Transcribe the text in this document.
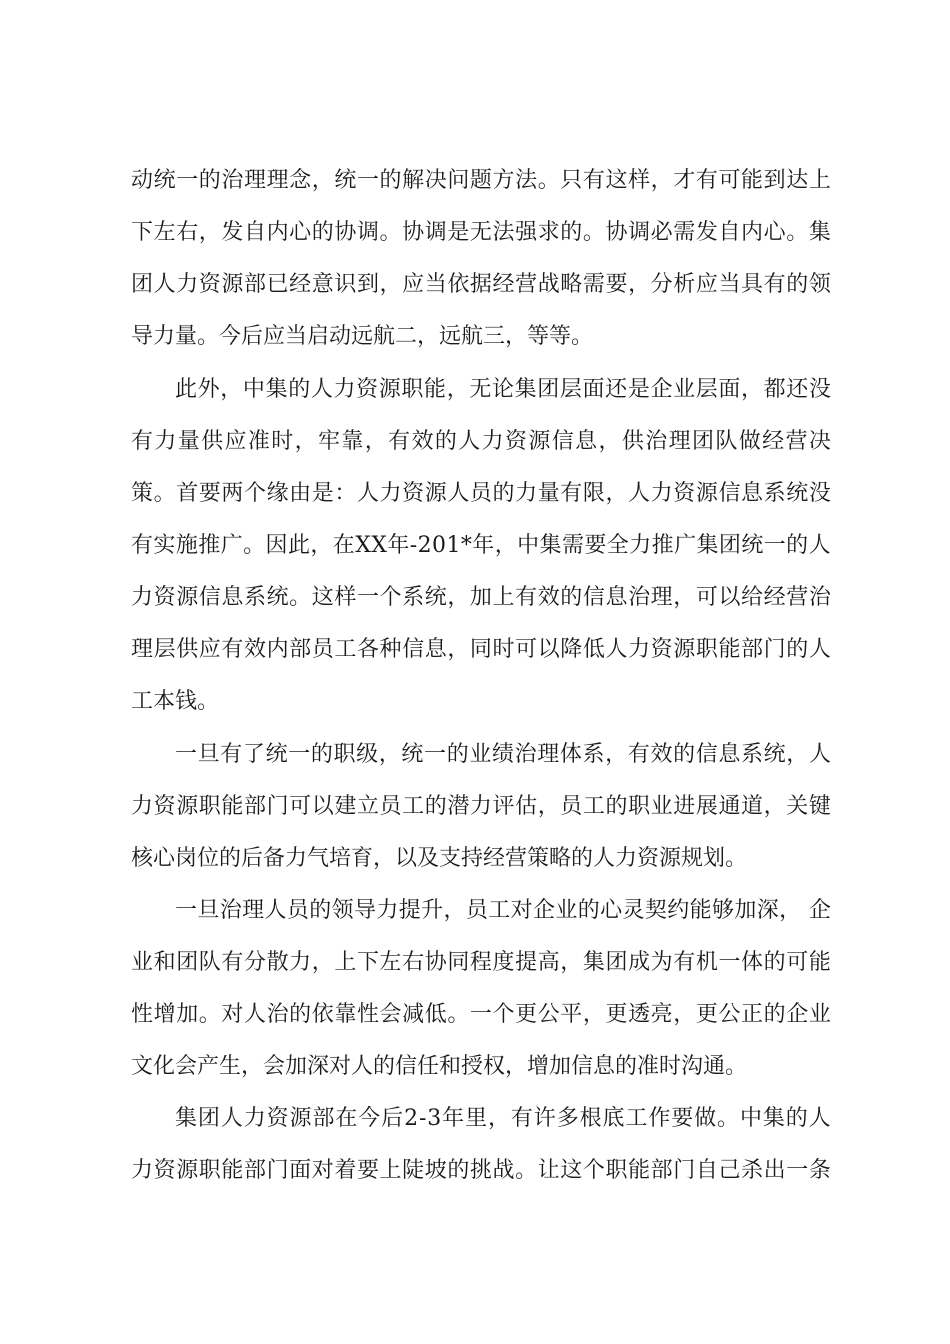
动 统 一 的 治 理 理 念 ， 统 一 的 解 决 问 题 方 法 。 只 有 这 样 ， 才 有 可 能 到 达 上
下 左 右 ， 发 自 内 心 的 协 调 。 协 调 是 无 法 强 求 的 。 协 调 必 需 发 自 内 心 。 集
团 人 力 资 源 部 已 经 意 识 到 ， 应 当 依 据 经 营 战 略 需 要 ， 分 析 应 当 具 有 的 领
导力量。今后应当启动远航二，远航三，等等。
此 外 ， 中 集 的 人 力 资 源 职 能 ， 无 论 集 团 层 面 还 是 企 业 层 面 ， 都 还 没
有 力 量 供 应 准 时 ， 牢 靠 ， 有 效 的 人 力 资 源 信 息 ， 供 治 理 团 队 做 经 营 决
策 。 首 要 两 个 缘 由 是 ： 人 力 资 源 人 员 的 力 量 有 限 ， 人 力 资 源 信 息 系 统 没
有 实 施 推 广 。 因 此 ， 在 X X 年 - 2 0 1 * 年 ， 中 集 需 要 全 力 推 广 集 团 统 一 的 人
力 资 源 信 息 系 统 。 这 样 一 个 系 统 ， 加 上 有 效 的 信 息 治 理 ， 可 以 给 经 营 治
理 层 供 应 有 效 内 部 员 工 各 种 信 息 ， 同 时 可 以 降 低 人 力 资 源 职 能 部 门 的 人
工本钱。
一 旦 有 了 统 一 的 职 级 ， 统 一 的 业 绩 治 理 体 系 ， 有 效 的 信 息 系 统 ， 人
力 资 源 职 能 部 门 可 以 建 立 员 工 的 潜 力 评 估 ， 员 工 的 职 业 进 展 通 道 ， 关 键
核心岗位的后备力气培育，以及支持经营策略的人力资源规划。
一 旦 治 理 人 员 的 领 导 力 提 升 ， 员 工 对 企 业 的 心 灵 契 约 能 够 加 深 ，
企
业 和 团 队 有 分 散 力 ， 上 下 左 右 协 同 程 度 提 高 ， 集 团 成 为 有 机 一 体 的 可 能
性 增 加 。 对 人 治 的 依 靠 性 会 减 低 。 一 个 更 公 平 ， 更 透 亮 ， 更 公 正 的 企 业
文化会产生，会加深对人的信任和授权，增加信息的准时沟通。
集 团 人 力 资 源 部 在 今 后 2 - 3 年 里 ， 有 许 多 根 底 工 作 要 做 。 中 集 的 人
力 资 源 职 能 部 门 面 对 着 要 上 陡 坡 的 挑 战 。 让 这 个 职 能 部 门 自 己 杀 出 一 条
